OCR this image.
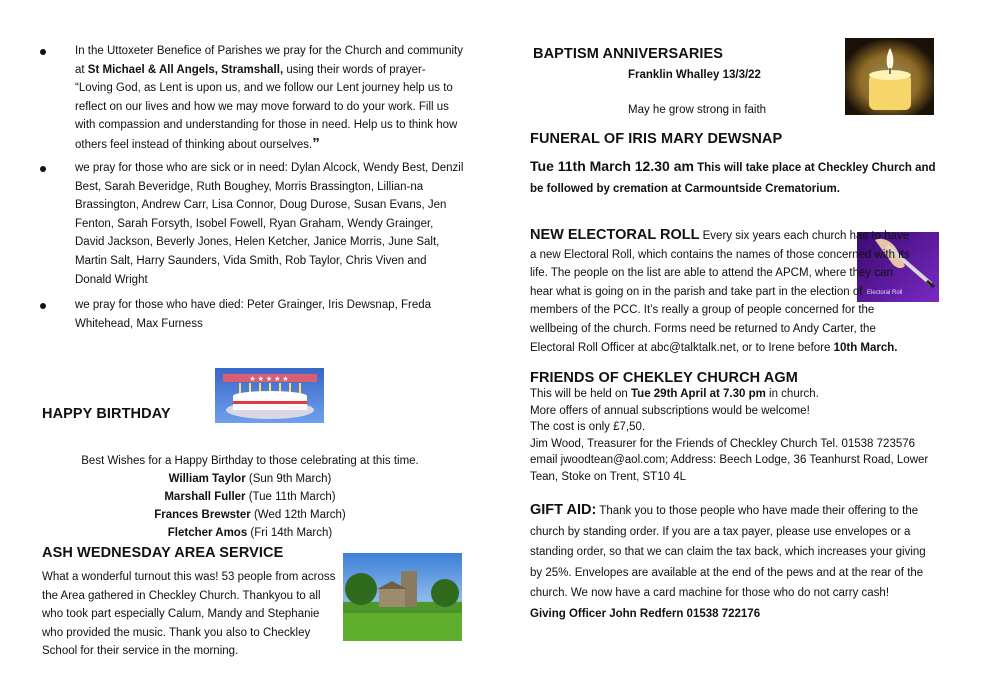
In the Uttoxeter Benefice of Parishes we pray for the Church and community at St Michael & All Angels, Stramshall, using their words of prayer- “Loving God, as Lent is upon us, and we follow our Lent journey help us to reflect on our lives and how we may move forward to do your work. Fill us with compassion and understanding for those in need. Help us to think how others feel instead of thinking about ourselves.”
we pray for those who are sick or in need: Dylan Alcock, Wendy Best, Denzil Best, Sarah Beveridge, Ruth Boughey, Morris Brassington, Lillian-na Brassington, Andrew Carr, Lisa Connor, Doug Durose, Susan Evans, Jen Fenton, Sarah Forsyth, Isobel Fowell, Ryan Graham, Wendy Grainger, David Jackson, Beverly Jones, Helen Ketcher, Janice Morris, June Salt, Martin Salt, Harry Saunders, Vida Smith, Rob Taylor, Chris Viven and Donald Wright
we pray for those who have died: Peter Grainger, Iris Dewsnap, Freda Whitehead, Max Furness
★ ★ ★ ★ ★
HAPPY BIRTHDAY
Best Wishes for a Happy Birthday to those celebrating at this time.
William Taylor (Sun 9th March)
Marshall Fuller (Tue 11th March)
Frances Brewster (Wed 12th March)
Fletcher Amos (Fri 14th March)
ASH WEDNESDAY AREA SERVICE
What a wonderful turnout this was! 53 people from across the Area gathered in Checkley Church. Thankyou to all who took part especially Calum, Mandy and Stephanie who provided the music. Thank you also to Checkley School for their service in the morning.
BAPTISM ANNIVERSARIES
Franklin Whalley 13/3/22
May he grow strong in faith
FUNERAL OF IRIS MARY DEWSNAP
Tue 11th March 12.30 am This will take place at Checkley Church and be followed by cremation at Carmountside Crematorium.
Electoral Roll
NEW ELECTORAL ROLL Every six years each church has to have a new Electoral Roll, which contains the names of those concerned with its life. The people on the list are able to attend the APCM, where they can hear what is going on in the parish and take part in the election of members of the PCC. It’s really a group of people concerned for the wellbeing of the church. Forms need be returned to Andy Carter, the Electoral Roll Officer at abc@talktalk.net, or to Irene before 10th March.
FRIENDS OF CHEKLEY CHURCH AGM
This will be held on Tue 29th April at 7.30 pm in church.
More offers of annual subscriptions would be welcome!
The cost is only £7,50.
Jim Wood, Treasurer for the Friends of Checkley Church Tel. 01538 723576
email jwoodtean@aol.com; Address: Beech Lodge, 36 Teanhurst Road, Lower Tean, Stoke on Trent, ST10 4L
GIFT AID: Thank you to those people who have made their offering to the church by standing order. If you are a tax payer, please use envelopes or a standing order, so that we can claim the tax back, which increases your giving by 25%. Envelopes are available at the end of the pews and at the rear of the church. We now have a card machine for those who do not carry cash!
Giving Officer John Redfern 01538 722176
